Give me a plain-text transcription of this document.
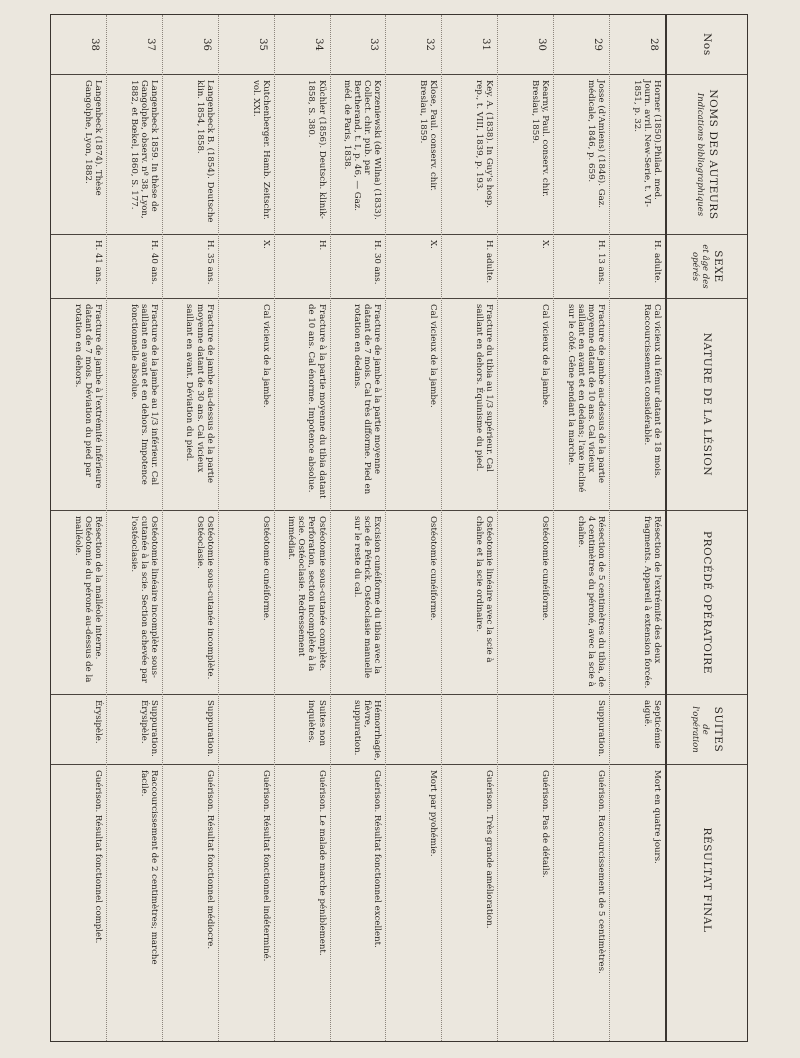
Nos
NOMS DES AUTEURS
Indications bibliographiques
SEXE
et âge des opérés
NATURE DE LA LÉSION
PROCÉDÉ OPÉRATOIRE
SUITES
de l'opération
RÉSULTAT FINAL
28
Horner (1850).Philad. med. Journ. avril. New-Serie, t. VI-1851, p. 32.
H. adulte.
Cal vicieux du fémur datant de 18 mois. Raccourcissement considérable.
Résection de l'extrémité des deux fragments. Appareil à extension forcée.
Septicémie aiguë.
Mort en quatre jours.
29
Josse (d'Amiens) (1846). Gaz. médicale, 1846, p. 659.
H. 13 ans.
Fracture de jambe au-dessus de la partie moyenne datant de 10 ans. Cal vicieux saillant en avant et en dedans; l'axe incliné sur le côté. Gêne pendant la marche.
Résection de 5 centimètres du tibia, de 4 centimètres du péroné, avec la scie à chaîne.
Suppuration.
Guérison. Raccourcissement de 5 centimètres.
30
Kearny, Paul. conserv. chir. Breslau, 1859.
X.
Cal vicieux de la jambe.
Ostéotomie cunéiforme.
Guérison. Pas de détails.
31
Key. A. (1838). In Guy's hosp. rep., t. VIII, 1839, p. 193.
H. adulte.
Fracture du tibia au 1/3 supérieur. Cal saillant en dehors. Équinisme du pied.
Ostéotomie linéaire avec la scie à chaîne et la scie ordinaire.
Guérison. Très grande amélioration.
32
Klose, Paul. conserv. chir. Breslau, 1859.
X.
Cal vicieux de la jambe.
Ostéotomie cunéiforme.
Mort par pyohémie.
33
Korzeniewski (de Wilna) (1833). Collect. chir. pub. par Bertherand, t. I, p. 46, — Gaz. méd. de Paris, 1838.
H. 30 ans.
Fracture de jambe à la partie moyenne datant de 7 mois. Cal très difforme. Pied en rotation en dedans.
Excision cunéiforme du tibia avec la scie de Pétrick. Ostéoclasie manuelle sur le reste du cal.
Hémorrhagie, fièvre, suppuration.
Guérison. Résultat fonctionnel excellent.
34
Küchler (1856). Deutsch. klinik-1858, S. 380.
H.
Fracture à la partie moyenne du tibia datant de 10 ans. Cal énorme. Impotence absolue.
Ostéotomie sous-cutanée complète. Perforation, section incomplète à la scie. Ostéoclasie. Redressement immédiat.
Suites non inquiètes.
Guérison. Le malade marche péniblement.
35
Kutchenberger. Hamb. Zeitschr. vol. XXI.
X.
Cal vicieux de la jambe.
Ostéotomie cunéiforme.
Guérison. Résultat fonctionnel indéterminé.
36
Langenbeck B. (1854). Deutsche klin. 1854, 1858.
H. 35 ans.
Fracture de jambe au-dessus de la partie moyenne datant de 30 ans. Cal vicieux saillant en avant. Déviation du pied.
Ostéotomie sous-cutanée incomplète. Ostéoclasie.
Suppuration.
Guérison. Résultat fonctionnel médiocre.
37
Langenbeck 1859. In thèse de Gangolphe, observ. nº 38, Lyon, 1882, et Bœkel, 1860, S. 177.
H. 40 ans.
Fracture de la jambe au 1/3 inférieur. Cal saillant en avant et en dehors. Impotence fonctionnelle absolue.
Ostéotomie linéaire incomplète sous-cutanée à la scie. Section achevée par l'ostéoclasie.
Suppuration. Érysipèle.
Raccourcissement de 2 centimètres; marche facile.
38
Langenbeck (1874). Thèse Gangolphe, Lyon, 1882.
H. 41 ans.
Fracture de jambe à l'extrémité inférieure datant de 7 mois. Déviation du pied par rotation en dehors.
Résection de la malléole interne. Ostéotomie du péroné au-dessus de la malléole.
Érysipèle.
Guérison. Résultat fonctionnel complet.
